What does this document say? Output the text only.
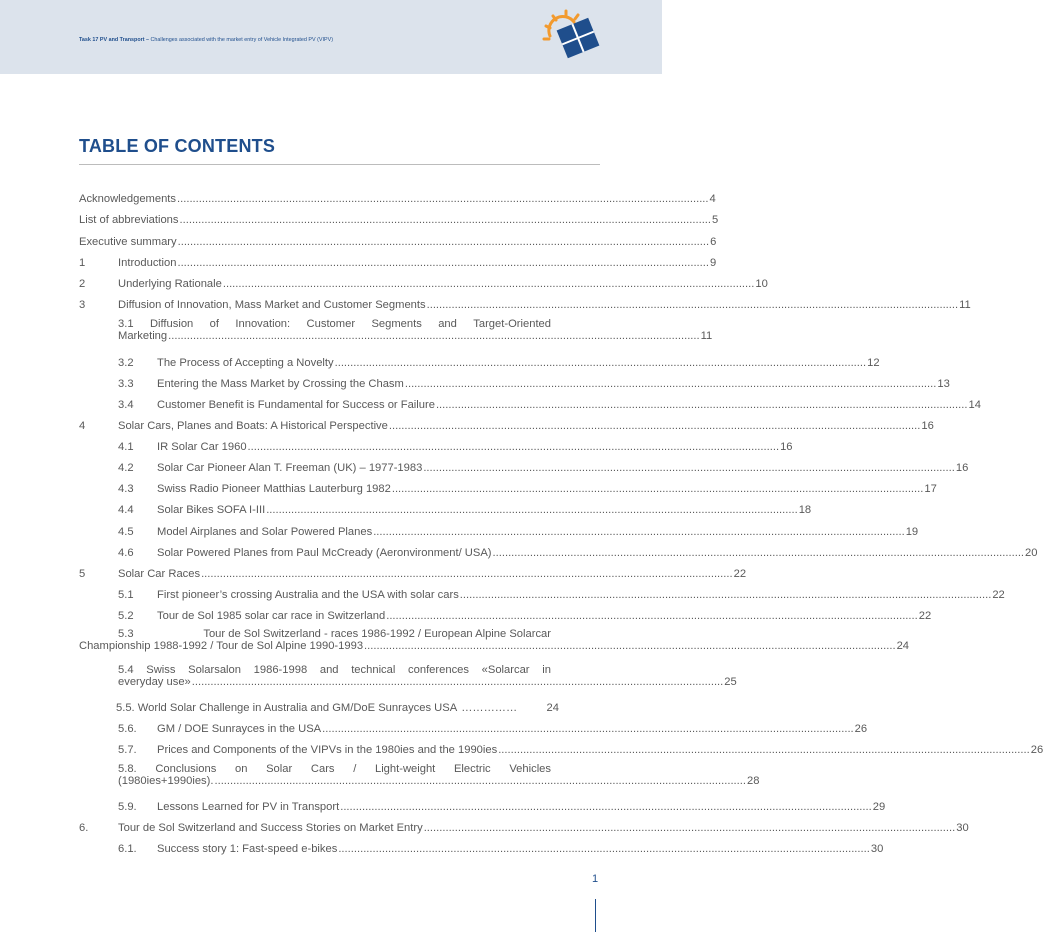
Task 17 PV and Transport – Challenges associated with the market entry of Vehicle Integrated PV (VIPV)
TABLE OF CONTENTS
Acknowledgements ........................................................................................................................................................................... 4
List of abbreviations ........................................................................................................................................................................... 5
Executive summary ........................................................................................................................................................................... 6
1	Introduction ........................................................................................................................................................................... 9
2	Underlying Rationale ........................................................................................................................................................................... 10
3	Diffusion of Innovation, Mass Market and Customer Segments ........................................................................................................................................................................... 11
3.1 Diffusion of Innovation: Customer Segments and Target-Oriented
Marketing ........................................................................................................................................................................... 11
3.2	The Process of Accepting a Novelty ........................................................................................................................................................................... 12
3.3	Entering the Mass Market by Crossing the Chasm ........................................................................................................................................................................... 13
3.4	Customer Benefit is Fundamental for Success or Failure ........................................................................................................................................................................... 14
4	Solar Cars, Planes and Boats: A Historical Perspective ........................................................................................................................................................................... 16
4.1	IR Solar Car 1960 ........................................................................................................................................................................... 16
4.2	Solar Car Pioneer Alan T. Freeman (UK) – 1977-1983 ........................................................................................................................................................................... 16
4.3	Swiss Radio Pioneer Matthias Lauterburg 1982 ........................................................................................................................................................................... 17
4.4	Solar Bikes SOFA I-III ........................................................................................................................................................................... 18
4.5	Model Airplanes and Solar Powered Planes ........................................................................................................................................................................... 19
4.6	Solar Powered Planes from Paul McCready (Aeronvironment/ USA) ........................................................................................................................................................................... 20
5	Solar Car Races ........................................................................................................................................................................... 22
5.1	First pioneer’s crossing Australia and the USA with solar cars ........................................................................................................................................................................... 22
5.2	Tour de Sol 1985 solar car race in Switzerland ........................................................................................................................................................................... 22
5.3	Tour de Sol Switzerland - races 1986-1992 / European Alpine Solarcar
Championship 1988-1992 / Tour de Sol Alpine 1990-1993 ........................................................................................................................................................................... 24
5.4 Swiss Solarsalon 1986-1998 and technical conferences «Solarcar in
everyday use» ........................................................................................................................................................................... 25
5.5. World Solar Challenge in Australia and GM/DoE Sunrayces USA ……………	24
5.6.	GM / DOE Sunrayces in the USA ........................................................................................................................................................................... 26
5.7.	Prices and Components of the VIPVs in the 1980ies and the 1990ies ........................................................................................................................................................................... 26
5.8. Conclusions on Solar Cars / Light-weight Electric Vehicles
(1980ies+1990ies). ........................................................................................................................................................................... 28
5.9.	Lessons Learned for PV in Transport ........................................................................................................................................................................... 29
6.	Tour de Sol Switzerland and Success Stories on Market Entry ........................................................................................................................................................................... 30
6.1.	Success story 1: Fast-speed e-bikes ........................................................................................................................................................................... 30
1
